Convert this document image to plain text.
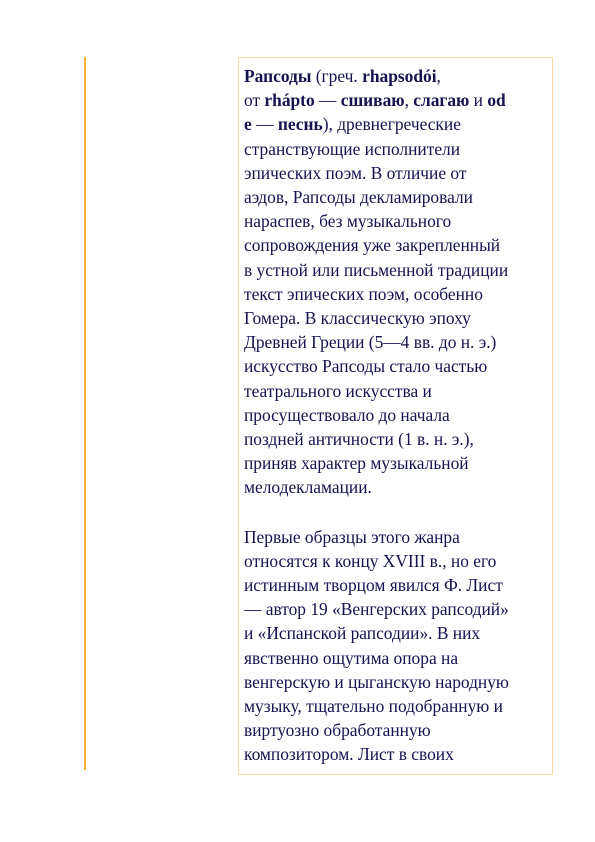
Рапсоды (греч. rhapsodói,
от rhápto — сшиваю, слагаю и od
e — песнь), древнегреческие
странствующие исполнители
эпических поэм. В отличие от
аэдов, Рапсоды декламировали
нараспев, без музыкального
сопровождения уже закрепленный
в устной или письменной традиции
текст эпических поэм, особенно
Гомера. В классическую эпоху
Древней Греции (5—4 вв. до н. э.)
искусство Рапсоды стало частью
театрального искусства и
просуществовало до начала
поздней античности (1 в. н. э.),
приняв характер музыкальной
мелодекламации.

Первые образцы этого жанра
относятся к концу XVIII в., но его
истинным творцом явился Ф. Лист
— автор 19 «Венгерских рапсодий»
и «Испанской рапсодии». В них
явственно ощутима опора на
венгерскую и цыганскую народную
музыку, тщательно подобранную и
виртуозно обработанную
композитором. Лист в своих
